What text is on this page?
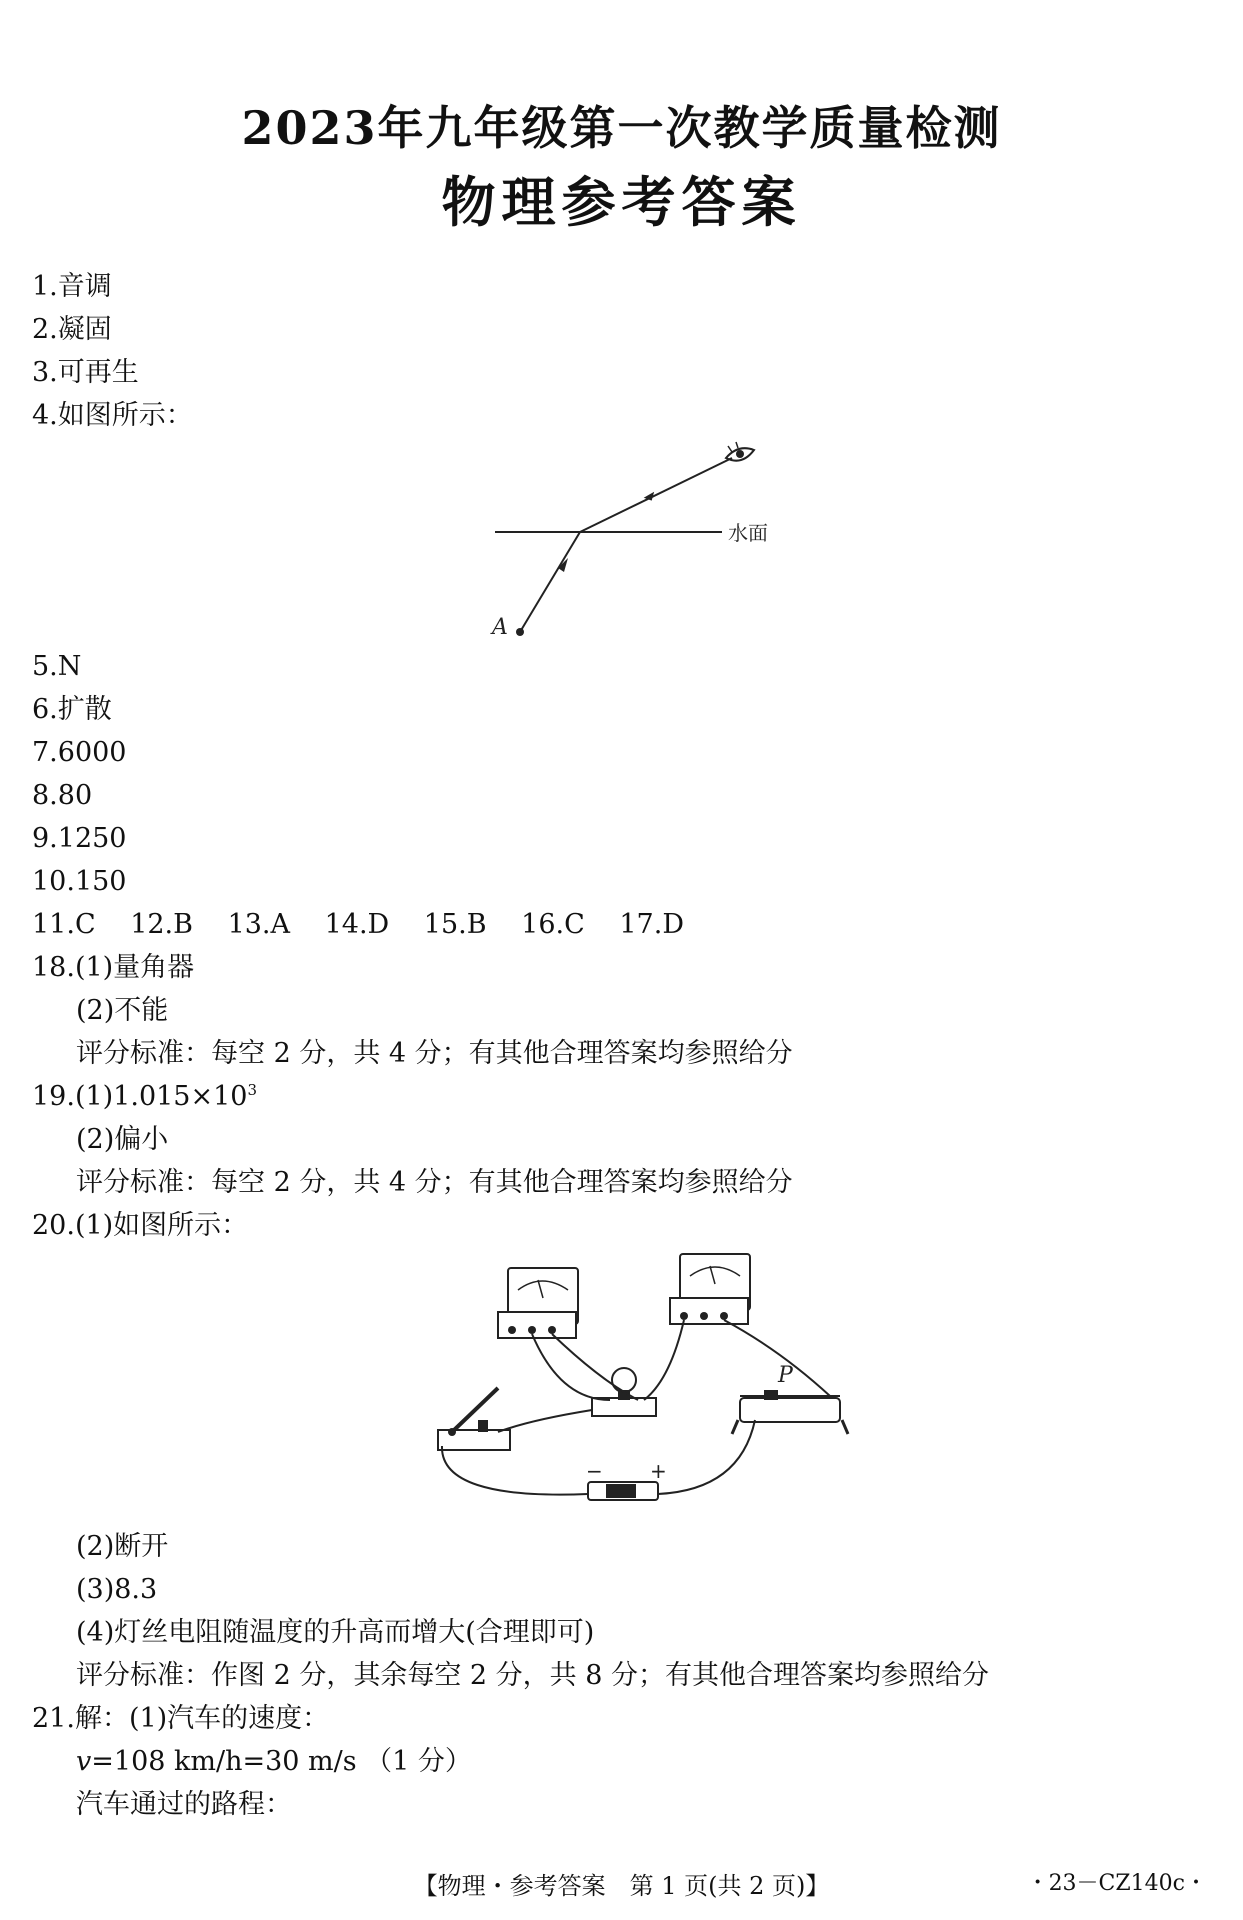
2023年九年级第一次教学质量检测
物理参考答案
1.音调
2.凝固
3.可再生
4.如图所示：
水面
A
5.N
6.扩散
7.6000
8.80
9.1250
10.150
11.C 12.B 13.A 14.D 15.B 16.C 17.D
18.(1)量角器
(2)不能
评分标准：每空 2 分，共 4 分；有其他合理答案均参照给分
$19.(1)1.015\times 10^3$
(2)偏小
评分标准：每空 2 分，共 4 分；有其他合理答案均参照给分
20.(1)如图所示：
P
− +
(2)断开
(3)8.3
(4)灯丝电阻随温度的升高而增大(合理即可)
评分标准：作图 2 分，其余每空 2 分，共 8 分；有其他合理答案均参照给分
21.解：(1)汽车的速度：
v=108 km/h=30 m/s （1 分）
汽车通过的路程：
【物理・参考答案　第 1 页(共 2 页)】	・23－CZ140c・
